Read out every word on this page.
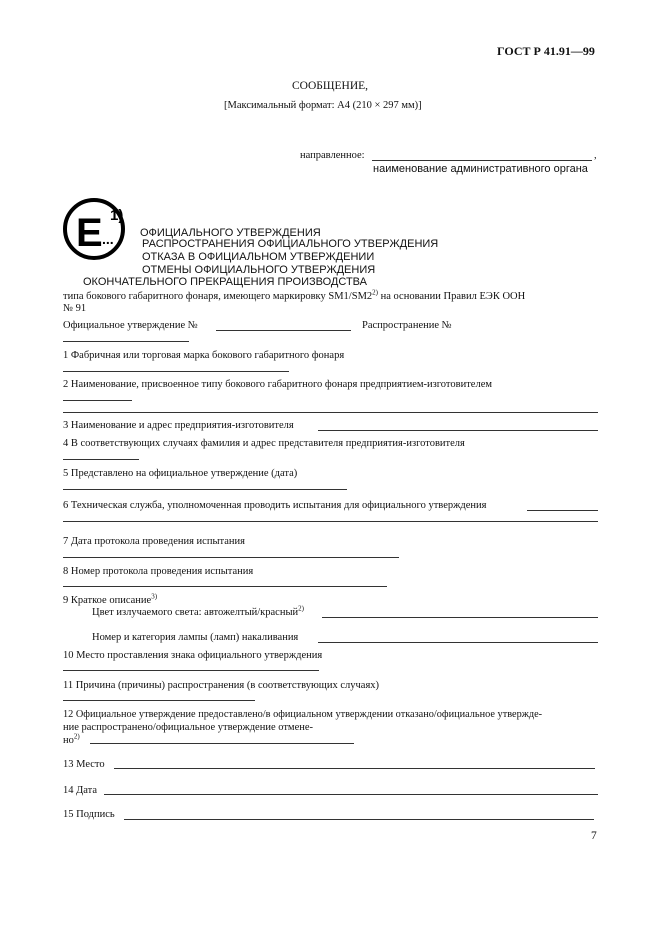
ГОСТ Р 41.91—99
СООБЩЕНИЕ,
[Максимальный формат: А4 (210 × 297 мм)]
направленное:	,
наименование административного органа
E ...
1)
ОФИЦИАЛЬНОГО УТВЕРЖДЕНИЯ
РАСПРОСТРАНЕНИЯ ОФИЦИАЛЬНОГО УТВЕРЖДЕНИЯ
ОТКАЗА В ОФИЦИАЛЬНОМ УТВЕРЖДЕНИИ
ОТМЕНЫ ОФИЦИАЛЬНОГО УТВЕРЖДЕНИЯ
ОКОНЧАТЕЛЬНОГО ПРЕКРАЩЕНИЯ ПРОИЗВОДСТВА
типа бокового габаритного фонаря, имеющего маркировку SM1/SM2$^{2)}$ на основании Правил ЕЭК ООН
№ 91
Официальное утверждение №	Распространение №
1 Фабричная или торговая марка бокового габаритного фонаря
2 Наименование, присвоенное типу бокового габаритного фонаря предприятием-изготовителем
3 Наименование и адрес предприятия-изготовителя
4 В соответствующих случаях фамилия и адрес представителя предприятия-изготовителя
5 Представлено на официальное утверждение (дата)
6 Техническая служба, уполномоченная проводить испытания для официального утверждения
7 Дата протокола проведения испытания
8 Номер протокола проведения испытания
9 Краткое описание$^{3)}$
Цвет излучаемого света: автожелтый/красный$^{2)}$
Номер и категория лампы (ламп) накаливания
10 Место проставления знака официального утверждения
11 Причина (причины) распространения (в соответствующих случаях)
12 Официальное утверждение предоставлено/в официальном утверждении отказано/официальное утвержде-
ние распространено/официальное утверждение отмене-
$но^{2)}$
13 Место
14 Дата
15 Подпись
7
